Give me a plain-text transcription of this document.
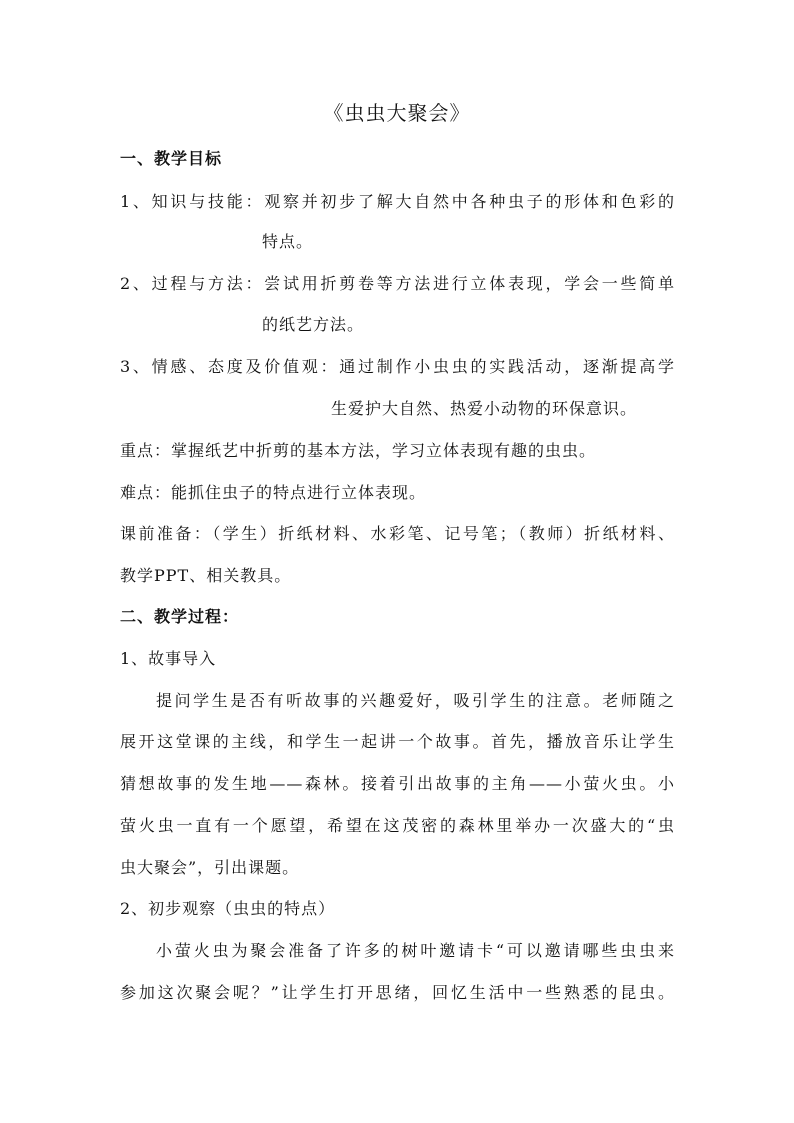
《虫虫大聚会》
一、教学目标
1、知识与技能：观察并初步了解大自然中各种虫子的形体和色彩的
特点。
2、过程与方法：尝试用折剪卷等方法进行立体表现，学会一些简单
的纸艺方法。
3、情感、态度及价值观：通过制作小虫虫的实践活动，逐渐提高学
生爱护大自然、热爱小动物的环保意识。
重点：掌握纸艺中折剪的基本方法，学习立体表现有趣的虫虫。
难点：能抓住虫子的特点进行立体表现。
课前准备：（学生）折纸材料、水彩笔、记号笔；（教师）折纸材料、
教学PPT、相关教具。
二、教学过程：
1、故事导入
提问学生是否有听故事的兴趣爱好，吸引学生的注意。老师随之
展开这堂课的主线，和学生一起讲一个故事。首先，播放音乐让学生
猜想故事的发生地——森林。接着引出故事的主角——小萤火虫。小
萤火虫一直有一个愿望，希望在这茂密的森林里举办一次盛大的“虫
虫大聚会”，引出课题。
2、初步观察（虫虫的特点）
小萤火虫为聚会准备了许多的树叶邀请卡“可以邀请哪些虫虫来
参加这次聚会呢？”让学生打开思绪，回忆生活中一些熟悉的昆虫。
